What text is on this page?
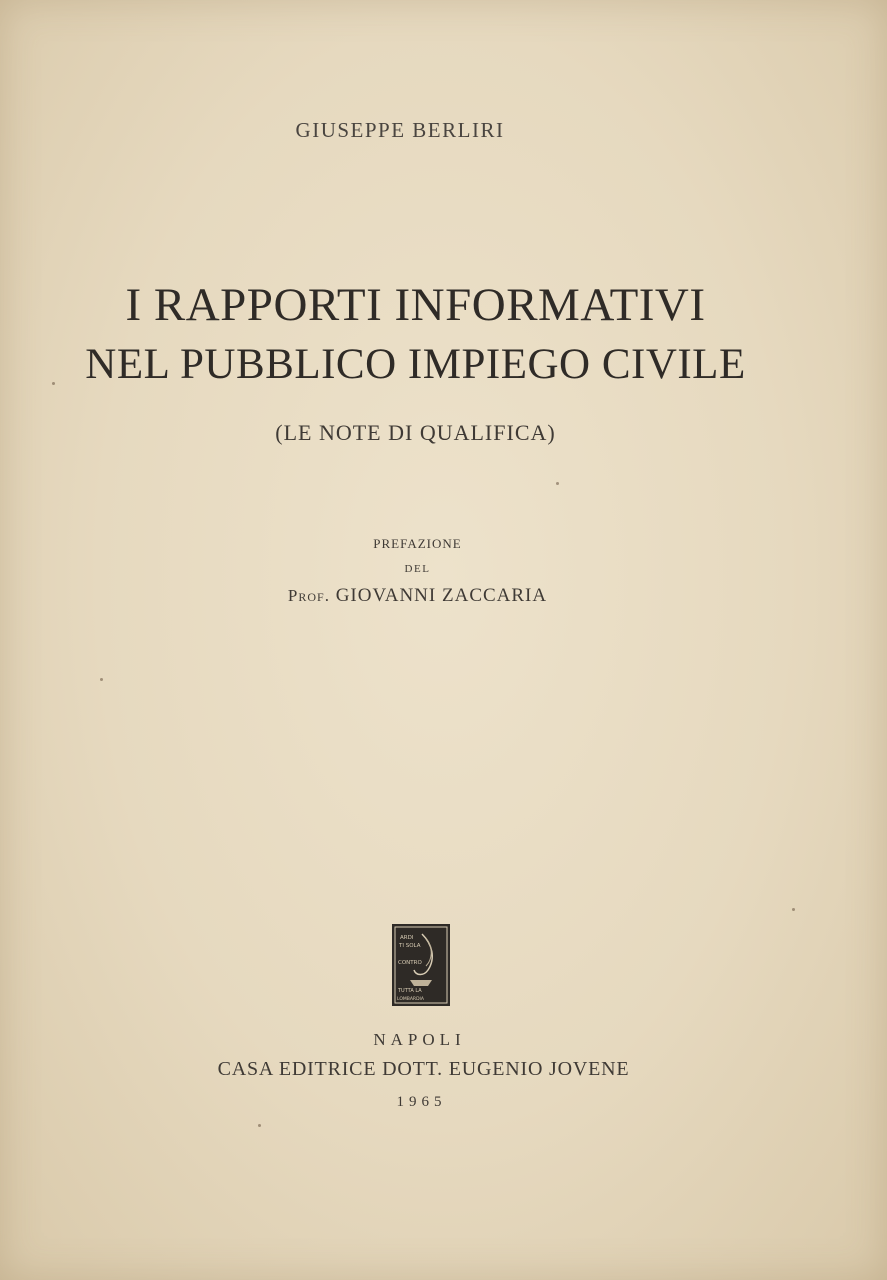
GIUSEPPE BERLIRI
I RAPPORTI INFORMATIVI
NEL PUBBLICO IMPIEGO CIVILE
(LE NOTE DI QUALIFICA)
PREFAZIONE
DEL
Prof. GIOVANNI ZACCARIA
ARDI
TI SOLA
CONTRO
TUTTA LA
LOMBARDIA
NAPOLI
CASA EDITRICE DOTT. EUGENIO JOVENE
1965
